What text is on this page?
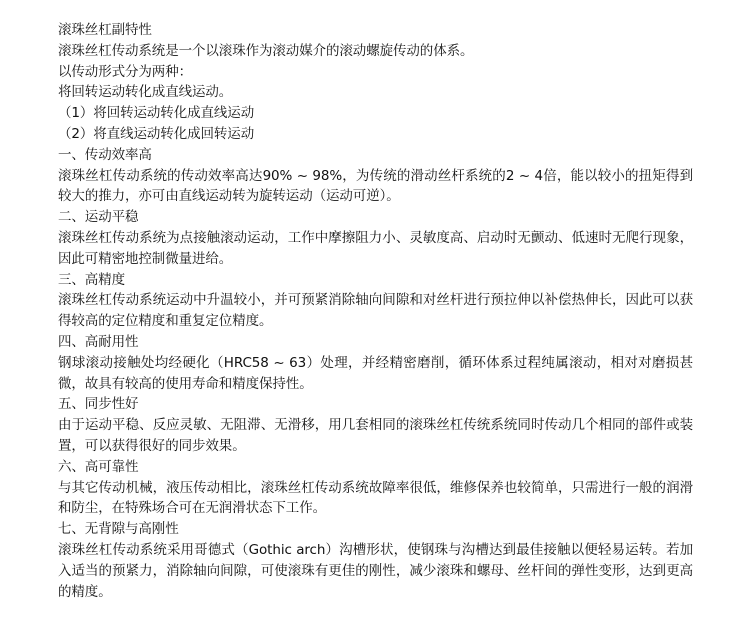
滚珠丝杠副特性

滚珠丝杠传动系统是一个以滚珠作为滚动媒介的滚动螺旋传动的体系。

以传动形式分为两种：

将回转运动转化成直线运动。

（1）将回转运动转化成直线运动

（2）将直线运动转化成回转运动

一、传动效率高

滚珠丝杠传动系统的传动效率高达90% ~ 98%，为传统的滑动丝杆系统的2 ~ 4倍，能以较小的扭矩得到较大的推力，亦可由直线运动转为旋转运动（运动可逆）。

二、运动平稳

滚珠丝杠传动系统为点接触滚动运动，工作中摩擦阻力小、灵敏度高、启动时无颤动、低速时无爬行现象，因此可精密地控制微量进给。

三、高精度

滚珠丝杠传动系统运动中升温较小，并可预紧消除轴向间隙和对丝杆进行预拉伸以补偿热伸长，因此可以获得较高的定位精度和重复定位精度。

四、高耐用性

钢球滚动接触处均经硬化（HRC58 ~ 63）处理，并经精密磨削，循环体系过程纯属滚动，相对对磨损甚微，故具有较高的使用寿命和精度保持性。

五、同步性好

由于运动平稳、反应灵敏、无阻滞、无滑移，用几套相同的滚珠丝杠传统系统同时传动几个相同的部件或装置，可以获得很好的同步效果。

六、高可靠性

与其它传动机械，液压传动相比，滚珠丝杠传动系统故障率很低，维修保养也较简单，只需进行一般的润滑和防尘，在特殊场合可在无润滑状态下工作。

七、无背隙与高刚性

滚珠丝杠传动系统采用哥德式（Gothic arch）沟槽形状，使钢珠与沟槽达到最佳接触以便轻易运转。若加入适当的预紧力，消除轴向间隙，可使滚珠有更佳的刚性，减少滚珠和螺母、丝杆间的弹性变形，达到更高的精度。
